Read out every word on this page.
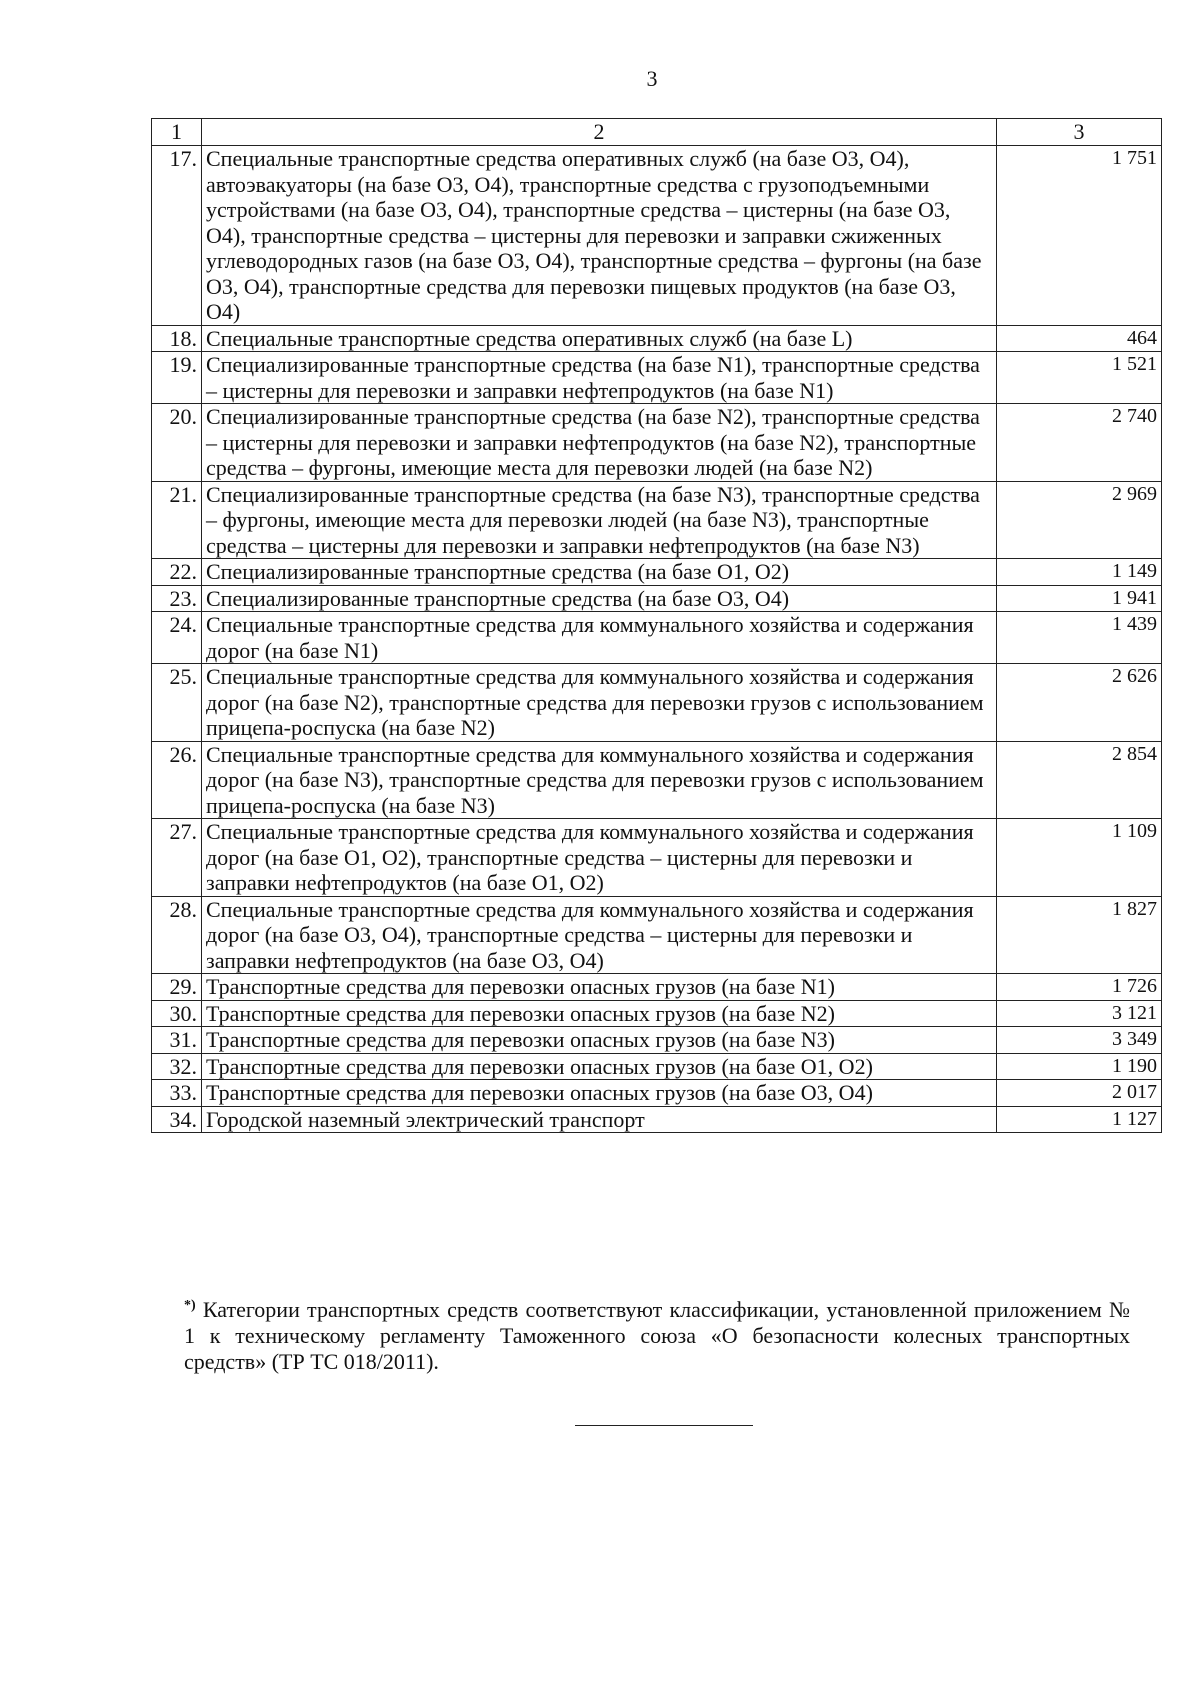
3
1	2	3
17.	Специальные транспортные средства оперативных служб (на базе О3, О4), автоэвакуаторы (на базе О3, О4), транспортные средства с грузоподъемными устройствами (на базе О3, О4), транспортные средства – цистерны (на базе О3, О4), транспортные средства – цистерны для перевозки и заправки сжиженных углеводородных газов (на базе О3, О4), транспортные средства – фургоны (на базе О3, О4), транспортные средства для перевозки пищевых продуктов (на базе О3, О4)	1 751
18.	Специальные транспортные средства оперативных служб (на базе L)	464
19.	Специализированные транспортные средства (на базе N1), транспортные средства – цистерны для перевозки и заправки нефтепродуктов (на базе N1)	1 521
20.	Специализированные транспортные средства (на базе N2), транспортные средства – цистерны для перевозки и заправки нефтепродуктов (на базе N2), транспортные средства – фургоны, имеющие места для перевозки людей (на базе N2)	2 740
21.	Специализированные транспортные средства (на базе N3), транспортные средства – фургоны, имеющие места для перевозки людей (на базе N3), транспортные средства – цистерны для перевозки и заправки нефтепродуктов (на базе N3)	2 969
22.	Специализированные транспортные средства (на базе О1, О2)	1 149
23.	Специализированные транспортные средства (на базе О3, О4)	1 941
24.	Специальные транспортные средства для коммунального хозяйства и содержания дорог (на базе N1)	1 439
25.	Специальные транспортные средства для коммунального хозяйства и содержания дорог (на базе N2), транспортные средства для перевозки грузов с использованием прицепа-роспуска (на базе N2)	2 626
26.	Специальные транспортные средства для коммунального хозяйства и содержания дорог (на базе N3), транспортные средства для перевозки грузов с использованием прицепа-роспуска (на базе N3)	2 854
27.	Специальные транспортные средства для коммунального хозяйства и содержания дорог (на базе О1, О2), транспортные средства – цистерны для перевозки и заправки нефтепродуктов (на базе О1, О2)	1 109
28.	Специальные транспортные средства для коммунального хозяйства и содержания дорог (на базе О3, О4), транспортные средства – цистерны для перевозки и заправки нефтепродуктов (на базе О3, О4)	1 827
29.	Транспортные средства для перевозки опасных грузов (на базе N1)	1 726
30.	Транспортные средства для перевозки опасных грузов (на базе N2)	3 121
31.	Транспортные средства для перевозки опасных грузов (на базе N3)	3 349
32.	Транспортные средства для перевозки опасных грузов (на базе О1, О2)	1 190
33.	Транспортные средства для перевозки опасных грузов (на базе О3, О4)	2 017
34.	Городской наземный электрический транспорт	1 127
*) Категории транспортных средств соответствуют классификации, установленной приложением № 1 к техническому регламенту Таможенного союза «О безопасности колесных транспортных средств» (ТР ТС 018/2011).
